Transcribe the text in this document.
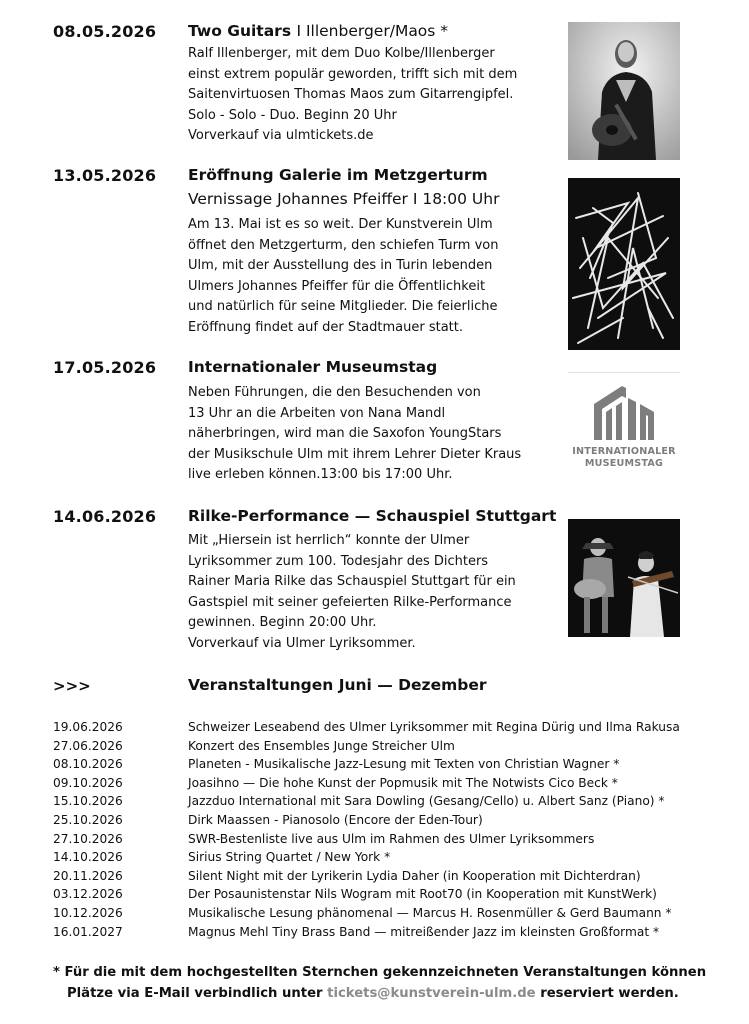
08.05.2026 Two Guitars I Illenberger/Maos *
Ralf Illenberger, mit dem Duo Kolbe/Illenberger
einst extrem populär geworden, trifft sich mit dem
Saitenvirtuosen Thomas Maos zum Gitarrengipfel.
Solo - Solo - Duo. Beginn 20 Uhr
Vorverkauf via ulmtickets.de
13.05.2026 Eröffnung Galerie im Metzgerturm
Vernissage Johannes Pfeiffer I 18:00 Uhr
Am 13. Mai ist es so weit. Der Kunstverein Ulm
öffnet den Metzgerturm, den schiefen Turm von
Ulm, mit der Ausstellung des in Turin lebenden
Ulmers Johannes Pfeiffer für die Öffentlichkeit
und natürlich für seine Mitglieder. Die feierliche
Eröffnung findet auf der Stadtmauer statt.
17.05.2026 Internationaler Museumstag
Neben Führungen, die den Besuchenden von
13 Uhr an die Arbeiten von Nana Mandl
näherbringen, wird man die Saxofon YoungStars
der Musikschule Ulm mit ihrem Lehrer Dieter Kraus
live erleben können.13:00 bis 17:00 Uhr.
INTERNATIONALER
MUSEUMSTAG
14.06.2026 Rilke-Performance — Schauspiel Stuttgart
Mit „Hiersein ist herrlich“ konnte der Ulmer
Lyriksommer zum 100. Todesjahr des Dichters
Rainer Maria Rilke das Schauspiel Stuttgart für ein
Gastspiel mit seiner gefeierten Rilke-Performance
gewinnen. Beginn 20:00 Uhr.
Vorverkauf via Ulmer Lyriksommer.
>>>	Veranstaltungen Juni — Dezember
19.06.2026	Schweizer Leseabend des Ulmer Lyriksommer mit Regina Dürig und Ilma Rakusa
27.06.2026	Konzert des Ensembles Junge Streicher Ulm
08.10.2026	Planeten - Musikalische Jazz-Lesung mit Texten von Christian Wagner *
09.10.2026	Joasihno — Die hohe Kunst der Popmusik mit The Notwists Cico Beck *
15.10.2026	Jazzduo International mit Sara Dowling (Gesang/Cello) u. Albert Sanz (Piano) *
25.10.2026	Dirk Maassen - Pianosolo (Encore der Eden-Tour)
27.10.2026	SWR-Bestenliste live aus Ulm im Rahmen des Ulmer Lyriksommers
14.10.2026	Sirius String Quartet / New York *
20.11.2026	Silent Night mit der Lyrikerin Lydia Daher (in Kooperation mit Dichterdran)
03.12.2026	Der Posaunistenstar Nils Wogram mit Root70 (in Kooperation mit KunstWerk)
10.12.2026	Musikalische Lesung phänomenal — Marcus H. Rosenmüller & Gerd Baumann *
16.01.2027	Magnus Mehl Tiny Brass Band — mitreißender Jazz im kleinsten Großformat *
* Für die mit dem hochgestellten Sternchen gekennzeichneten Veranstaltungen können
Plätze via E-Mail verbindlich unter tickets@kunstverein-ulm.de reserviert werden.
